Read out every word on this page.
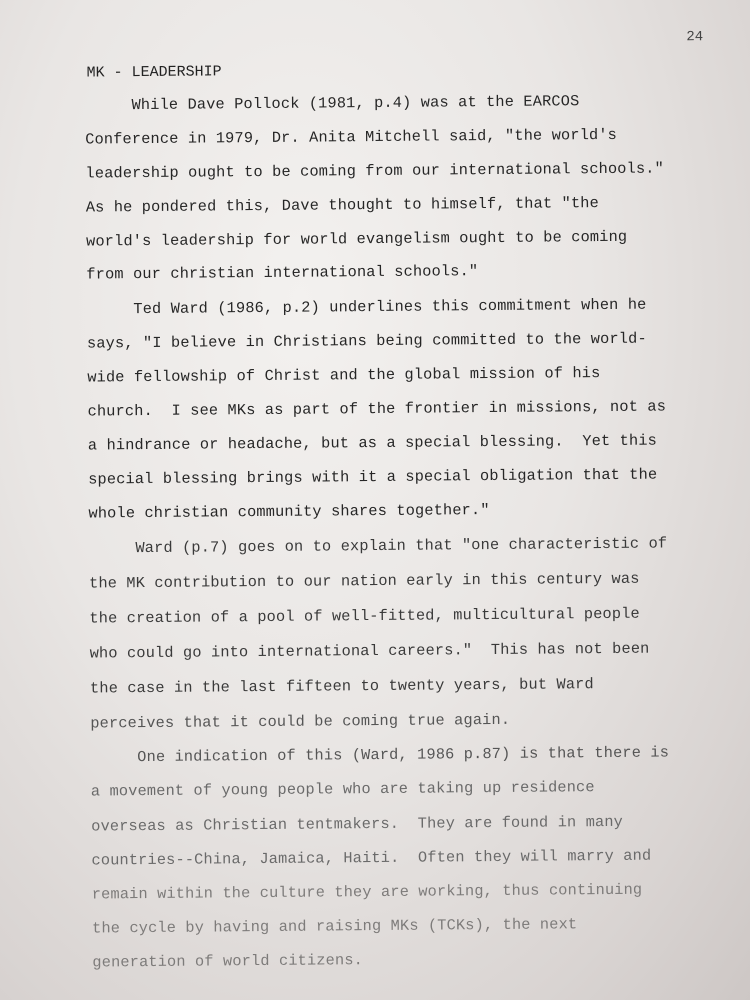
24
MK - LEADERSHIP
While Dave Pollock (1981, p.4) was at the EARCOS
Conference in 1979, Dr. Anita Mitchell said, "the world's
leadership ought to be coming from our international schools."
As he pondered this, Dave thought to himself, that "the
world's leadership for world evangelism ought to be coming
from our christian international schools."
Ted Ward (1986, p.2) underlines this commitment when he
says, "I believe in Christians being committed to the world-
wide fellowship of Christ and the global mission of his
church.  I see MKs as part of the frontier in missions, not as
a hindrance or headache, but as a special blessing.  Yet this
special blessing brings with it a special obligation that the
whole christian community shares together."
Ward (p.7) goes on to explain that "one characteristic of
the MK contribution to our nation early in this century was
the creation of a pool of well-fitted, multicultural people
who could go into international careers."  This has not been
the case in the last fifteen to twenty years, but Ward
perceives that it could be coming true again.
One indication of this (Ward, 1986 p.87) is that there is
a movement of young people who are taking up residence
overseas as Christian tentmakers.  They are found in many
countries--China, Jamaica, Haiti.  Often they will marry and
remain within the culture they are working, thus continuing
the cycle by having and raising MKs (TCKs), the next
generation of world citizens.
